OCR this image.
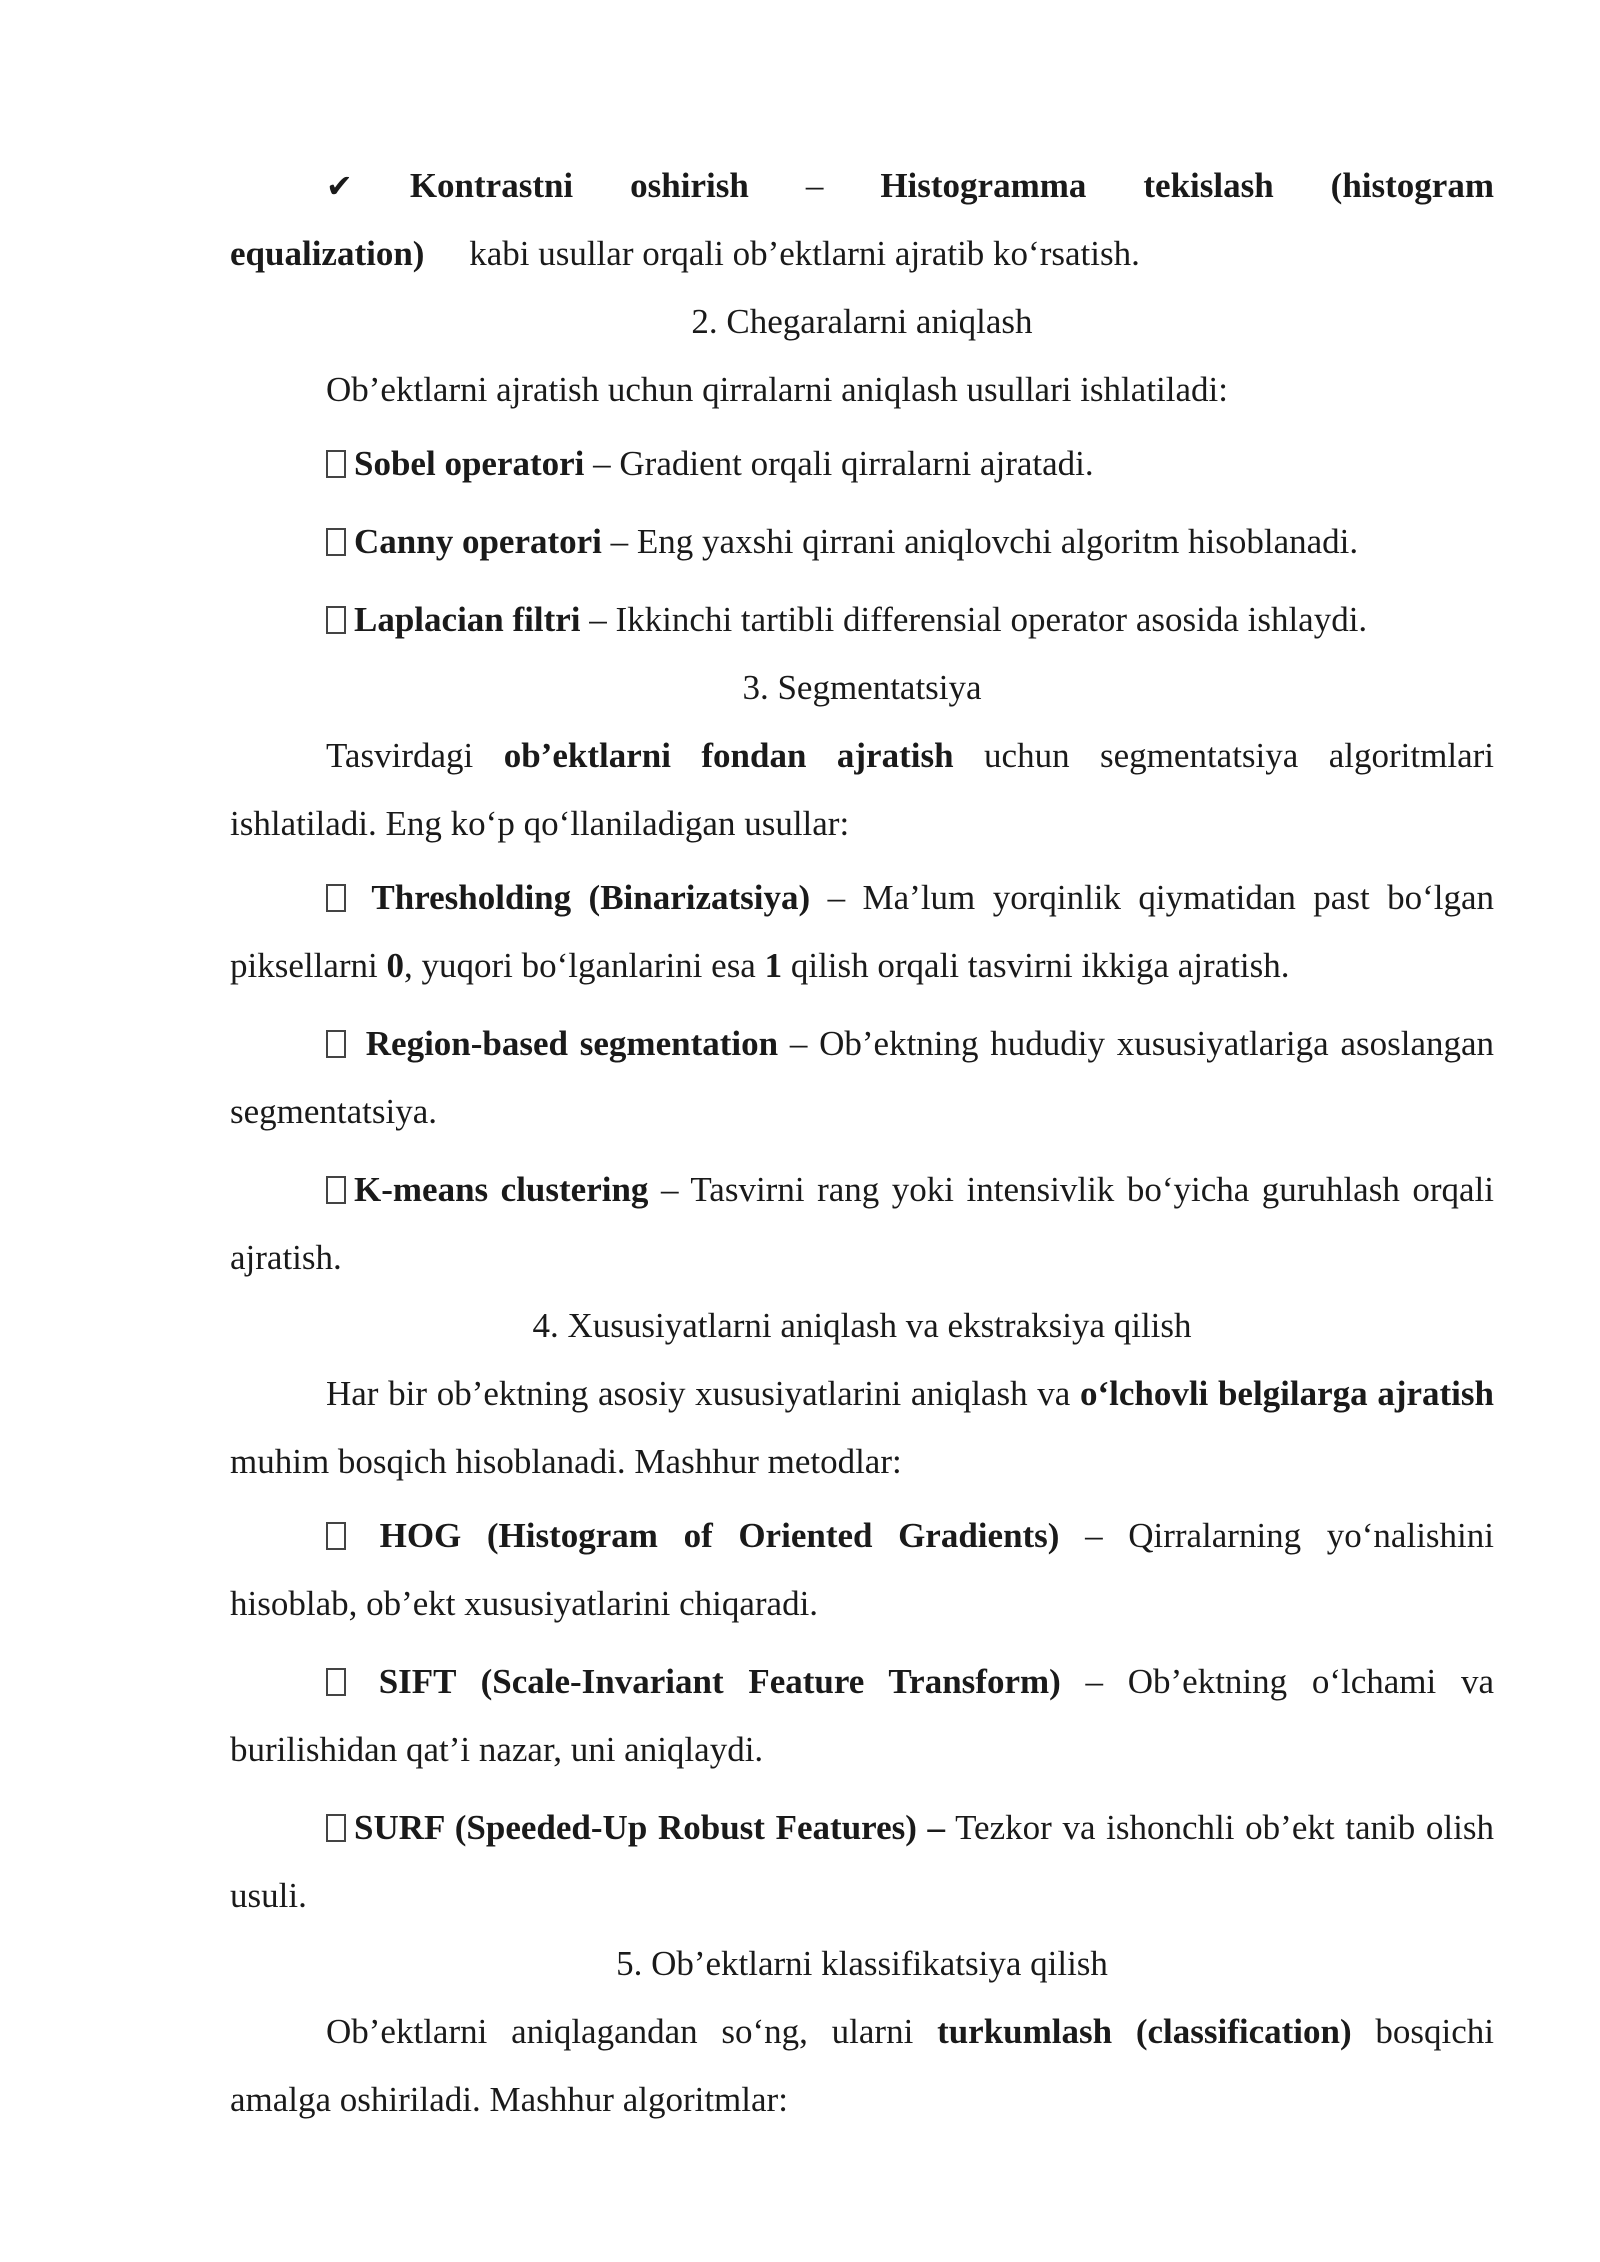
✔ Kontrastni oshirish – Histogramma tekislash (histogram equalization) kabi usullar orqali ob’ektlarni ajratib ko‘rsatish.

2. Chegaralarni aniqlash

Ob’ektlarni ajratish uchun qirralarni aniqlash usullari ishlatiladi:

Sobel operatori – Gradient orqali qirralarni ajratadi.

Canny operatori – Eng yaxshi qirrani aniqlovchi algoritm hisoblanadi.

Laplacian filtri – Ikkinchi tartibli differensial operator asosida ishlaydi.

3. Segmentatsiya

Tasvirdagi ob’ektlarni fondan ajratish uchun segmentatsiya algoritmlari ishlatiladi. Eng ko‘p qo‘llaniladigan usullar:

Thresholding (Binarizatsiya) – Ma’lum yorqinlik qiymatidan past bo‘lgan piksellarni 0, yuqori bo‘lganlarini esa 1 qilish orqali tasvirni ikkiga ajratish.

Region-based segmentation – Ob’ektning hududiy xususiyatlariga asoslangan segmentatsiya.

K-means clustering – Tasvirni rang yoki intensivlik bo‘yicha guruhlash orqali ajratish.

4. Xususiyatlarni aniqlash va ekstraksiya qilish

Har bir ob’ektning asosiy xususiyatlarini aniqlash va o‘lchovli belgilarga ajratish muhim bosqich hisoblanadi. Mashhur metodlar:

HOG (Histogram of Oriented Gradients) – Qirralarning yo‘nalishini hisoblab, ob’ekt xususiyatlarini chiqaradi.

SIFT (Scale-Invariant Feature Transform) – Ob’ektning o‘lchami va burilishidan qat’i nazar, uni aniqlaydi.

SURF (Speeded-Up Robust Features) – Tezkor va ishonchli ob’ekt tanib olish usuli.

5. Ob’ektlarni klassifikatsiya qilish

Ob’ektlarni aniqlagandan so‘ng, ularni turkumlash (classification) bosqichi amalga oshiriladi. Mashhur algoritmlar:
